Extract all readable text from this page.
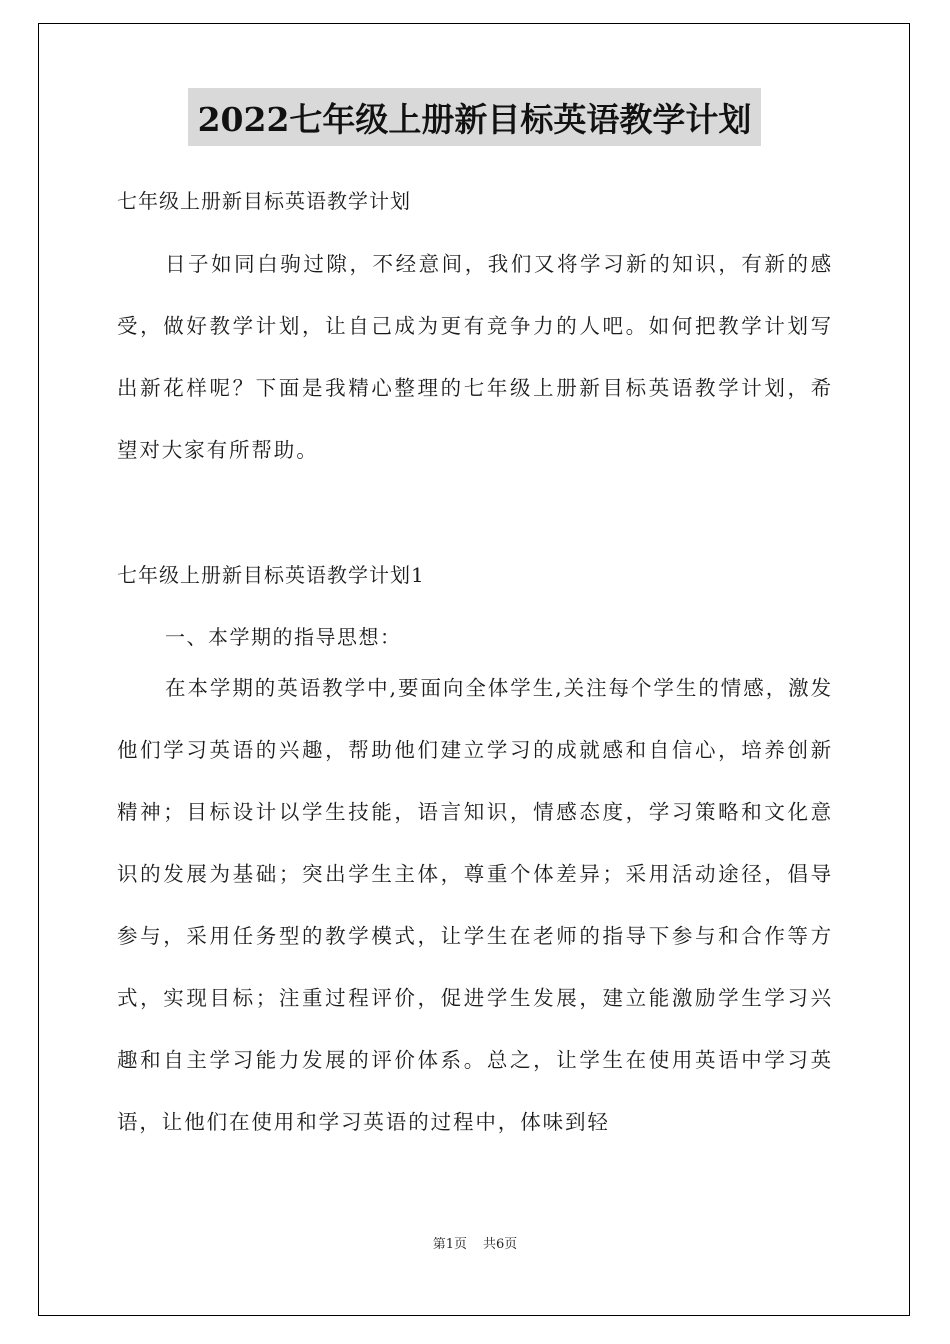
2022七年级上册新目标英语教学计划
七年级上册新目标英语教学计划

日子如同白驹过隙，不经意间，我们又将学习新的知识，有新的感受，做好教学计划，让自己成为更有竞争力的人吧。如何把教学计划写出新花样呢？下面是我精心整理的七年级上册新目标英语教学计划，希望对大家有所帮助。

七年级上册新目标英语教学计划1
一、本学期的指导思想：

在本学期的英语教学中,要面向全体学生,关注每个学生的情感，激发他们学习英语的兴趣，帮助他们建立学习的成就感和自信心，培养创新精神；目标设计以学生技能，语言知识，情感态度，学习策略和文化意识的发展为基础；突出学生主体，尊重个体差异；采用活动途径，倡导参与，采用任务型的教学模式，让学生在老师的指导下参与和合作等方式，实现目标；注重过程评价，促进学生发展，建立能激励学生学习兴趣和自主学习能力发展的评价体系。总之，让学生在使用英语中学习英语，让他们在使用和学习英语的过程中，体味到轻

第1页 共6页
